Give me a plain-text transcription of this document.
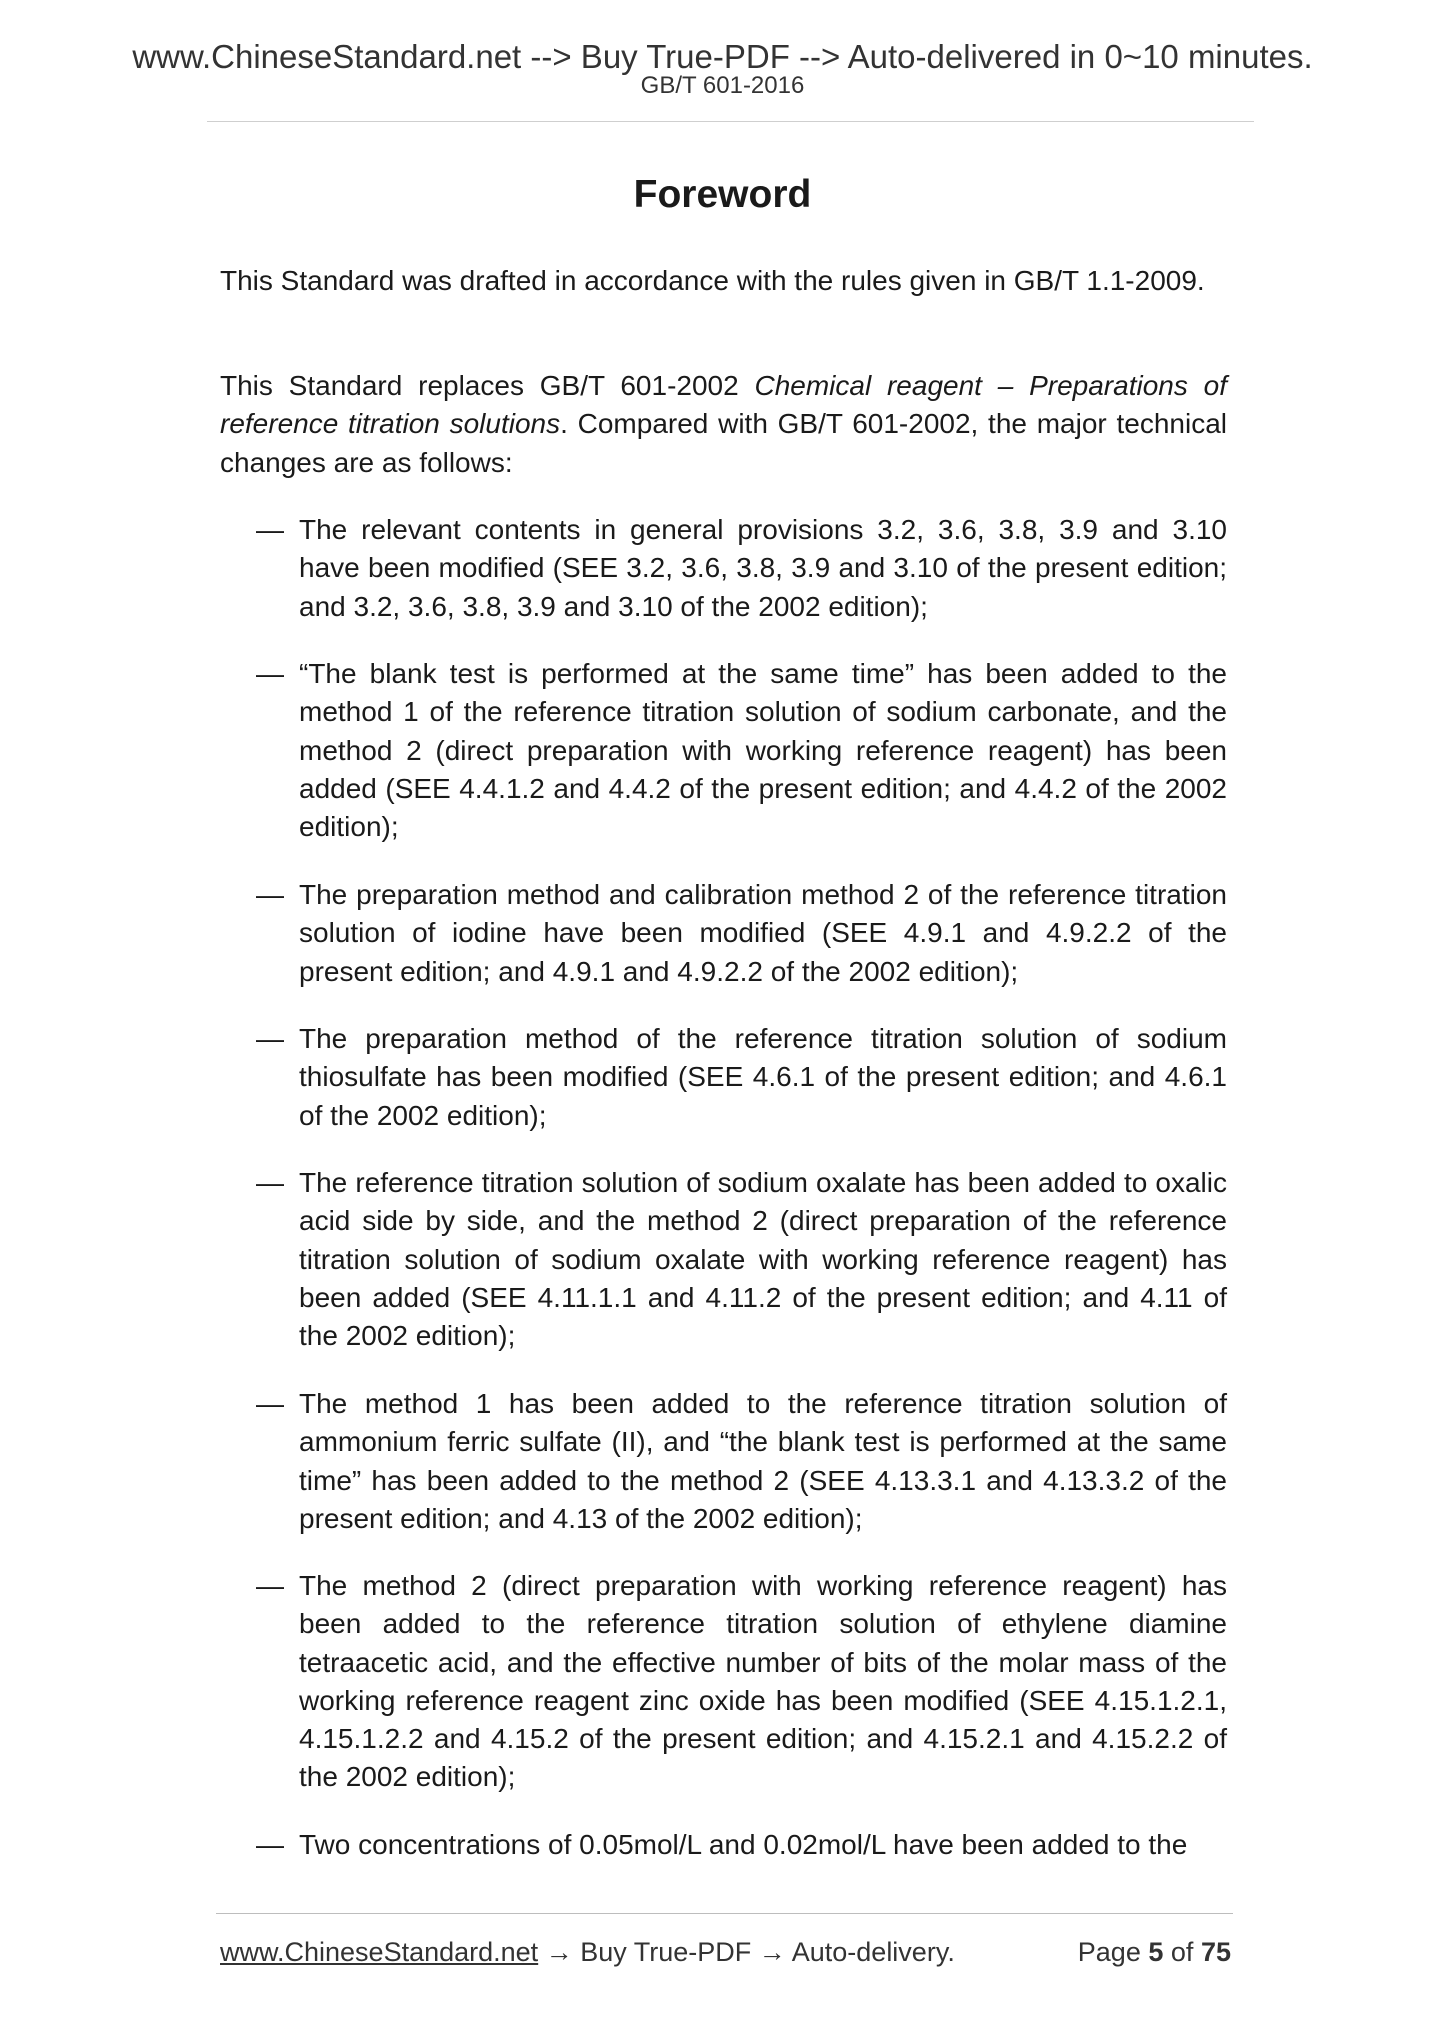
www.ChineseStandard.net --> Buy True-PDF --> Auto-delivered in 0~10 minutes.
GB/T 601-2016
Foreword

This Standard was drafted in accordance with the rules given in GB/T 1.1-2009.

This Standard replaces GB/T 601-2002 Chemical reagent – Preparations of reference titration solutions. Compared with GB/T 601-2002, the major technical changes are as follows:

— The relevant contents in general provisions 3.2, 3.6, 3.8, 3.9 and 3.10 have been modified (SEE 3.2, 3.6, 3.8, 3.9 and 3.10 of the present edition; and 3.2, 3.6, 3.8, 3.9 and 3.10 of the 2002 edition);
— “The blank test is performed at the same time” has been added to the method 1 of the reference titration solution of sodium carbonate, and the method 2 (direct preparation with working reference reagent) has been added (SEE 4.4.1.2 and 4.4.2 of the present edition; and 4.4.2 of the 2002 edition);
— The preparation method and calibration method 2 of the reference titration solution of iodine have been modified (SEE 4.9.1 and 4.9.2.2 of the present edition; and 4.9.1 and 4.9.2.2 of the 2002 edition);
— The preparation method of the reference titration solution of sodium thiosulfate has been modified (SEE 4.6.1 of the present edition; and 4.6.1 of the 2002 edition);
— The reference titration solution of sodium oxalate has been added to oxalic acid side by side, and the method 2 (direct preparation of the reference titration solution of sodium oxalate with working reference reagent) has been added (SEE 4.11.1.1 and 4.11.2 of the present edition; and 4.11 of the 2002 edition);
— The method 1 has been added to the reference titration solution of ammonium ferric sulfate (II), and “the blank test is performed at the same time” has been added to the method 2 (SEE 4.13.3.1 and 4.13.3.2 of the present edition; and 4.13 of the 2002 edition);
— The method 2 (direct preparation with working reference reagent) has been added to the reference titration solution of ethylene diamine tetraacetic acid, and the effective number of bits of the molar mass of the working reference reagent zinc oxide has been modified (SEE 4.15.1.2.1, 4.15.1.2.2 and 4.15.2 of the present edition; and 4.15.2.1 and 4.15.2.2 of the 2002 edition);
— Two concentrations of 0.05mol/L and 0.02mol/L have been added to the
www.ChineseStandard.net → Buy True-PDF → Auto-delivery.	Page 5 of 75
